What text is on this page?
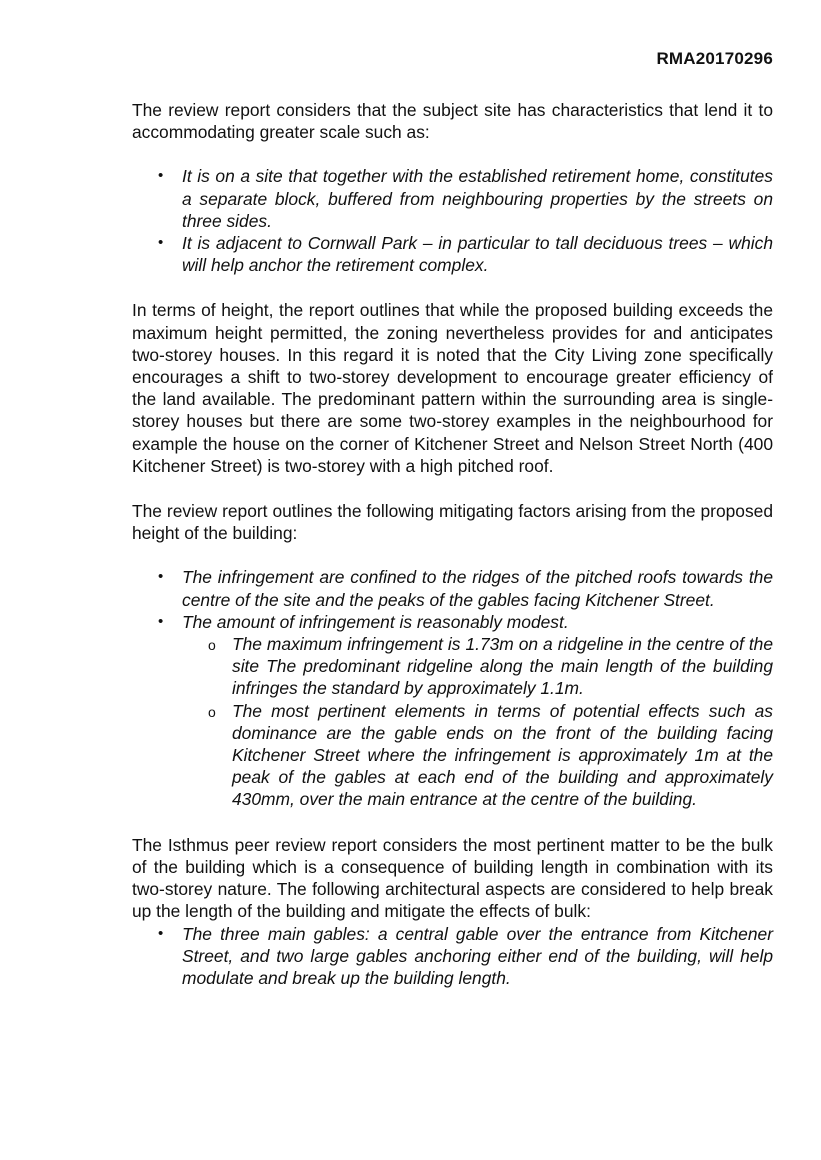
RMA20170296

The review report considers that the subject site has characteristics that lend it to accommodating greater scale such as:

• It is on a site that together with the established retirement home, constitutes a separate block, buffered from neighbouring properties by the streets on three sides.
• It is adjacent to Cornwall Park – in particular to tall deciduous trees – which will help anchor the retirement complex.

In terms of height, the report outlines that while the proposed building exceeds the maximum height permitted, the zoning nevertheless provides for and anticipates two-storey houses. In this regard it is noted that the City Living zone specifically encourages a shift to two-storey development to encourage greater efficiency of the land available. The predominant pattern within the surrounding area is single-storey houses but there are some two-storey examples in the neighbourhood for example the house on the corner of Kitchener Street and Nelson Street North (400 Kitchener Street) is two-storey with a high pitched roof.

The review report outlines the following mitigating factors arising from the proposed height of the building:

• The infringement are confined to the ridges of the pitched roofs towards the centre of the site and the peaks of the gables facing Kitchener Street.
• The amount of infringement is reasonably modest.
o The maximum infringement is 1.73m on a ridgeline in the centre of the site The predominant ridgeline along the main length of the building infringes the standard by approximately 1.1m.
o The most pertinent elements in terms of potential effects such as dominance are the gable ends on the front of the building facing Kitchener Street where the infringement is approximately 1m at the peak of the gables at each end of the building and approximately 430mm, over the main entrance at the centre of the building.

The Isthmus peer review report considers the most pertinent matter to be the bulk of the building which is a consequence of building length in combination with its two-storey nature. The following architectural aspects are considered to help break up the length of the building and mitigate the effects of bulk:

• The three main gables: a central gable over the entrance from Kitchener Street, and two large gables anchoring either end of the building, will help modulate and break up the building length.
